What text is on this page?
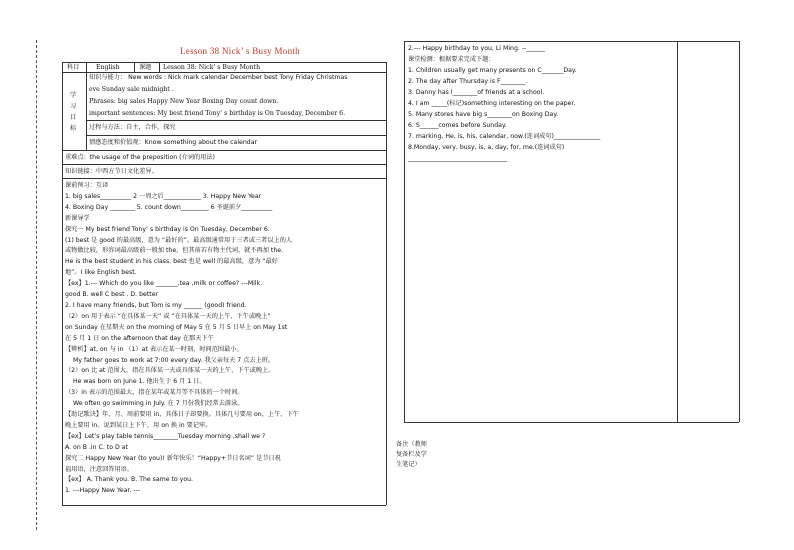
Lesson 38 Nick’ s Busy Month
科目	English	课题 Lesson 38: Nick’ s Busy Month
学
习
目
标
知识与能力： New words : Nick mark calendar December best Tony Friday Christmas
eve Sunday sale midnight .
Phrases: big sales Happy New Year Boxing Day count down.
important sentences: My best friend Tony’ s birthday is On Tuesday, December 6.
过程与方法：自主，合作，探究
情感态度和价值观：Know something about the calendar
重难点：the usage of the preposition (介词的用法)
知识链接：中西方节日文化差异。
课前预习：互译
1. big sales__________ 2 一周之后____________ 3. Happy New Year
4. Boxing Day ________ 5. count down_________ 6 圣诞前夕__________
新课导学
探究一 My best friend Tony’ s birthday is On Tuesday, December 6.
(1) best 是 good 的最高级，意为 “最好的”。最高级通常用于三者或三者以上的人
或物做比较，形容词最高级前一般加 the，但其前若有物主代词，就不再加 the.
He is the best student in his class. best 也是 well 的最高级，意为 “最好
地”。I like English best.
【ex】1.--- Which do you like _______,tea ,milk or coffee? ---Milk.
good B. well C best . D. better
2. I have many friends, but Tom is my ______ (good) friend.
（2）on 用于表示 “在具体某一天” 或 “在具体某一天的上午、下午或晚上”
on Sunday 在星期天 on the morning of May 5 在 5 月 5 日早上 on May 1st
在 5 月 1 日 on the afternoon that day 在那天下午
【辨析】at, on 与 in （1）at 表示在某一时刻，时间范围最小。
My father goes to work at 7:00 every day. 我父亲每天 7 点去上班。
（2）on 比 at 范围大，指在具体某一天或具体某一天的上午、下午或晚上。
He was born on June 1. 他出生于 6 月 1 日。
（3）in 表示的范围最大，指在某年或某月等不具体的一个时间。
We often go swimming in July. 在 7 月份我们经常去游泳。
【助记歌诀】年、月、周前要用 in，具体日子却要换。具体几号要用 on，上午、下午
晚上要用 in。说到某日上下午，用 on 换 in 要记牢。
【ex】Let’s play table tennis________Tuesday morning ,shall we ?
A. on B .in C. to D at
探究二 Happy New Year (to you)! 新年快乐！“Happy+节日名词” 是节日祝
福用语，注意回答用语。
【ex】 A. Thank you. B. The same to you.
1. ---Happy New Year. ---
备注（教师
复备栏及学
生笔记）
2.--- Happy birthday to you, Li Ming. --______
课堂检测：根据要求完成下题：
1. Children usually get many presents on C_______Day.
2. The day after Thursday is F________.
3. Danny has l________of friends at a school.
4. I am _____(标记)something interesting on the paper.
5. Many stores have big s________on Boxing Day.
6. S______comes before Sunday.
7. marking, He, is, his, calendar, now.(连词成句)_______________
8.Monday, very, busy, is, a, day, for, me.(连词成句)
________________________________
